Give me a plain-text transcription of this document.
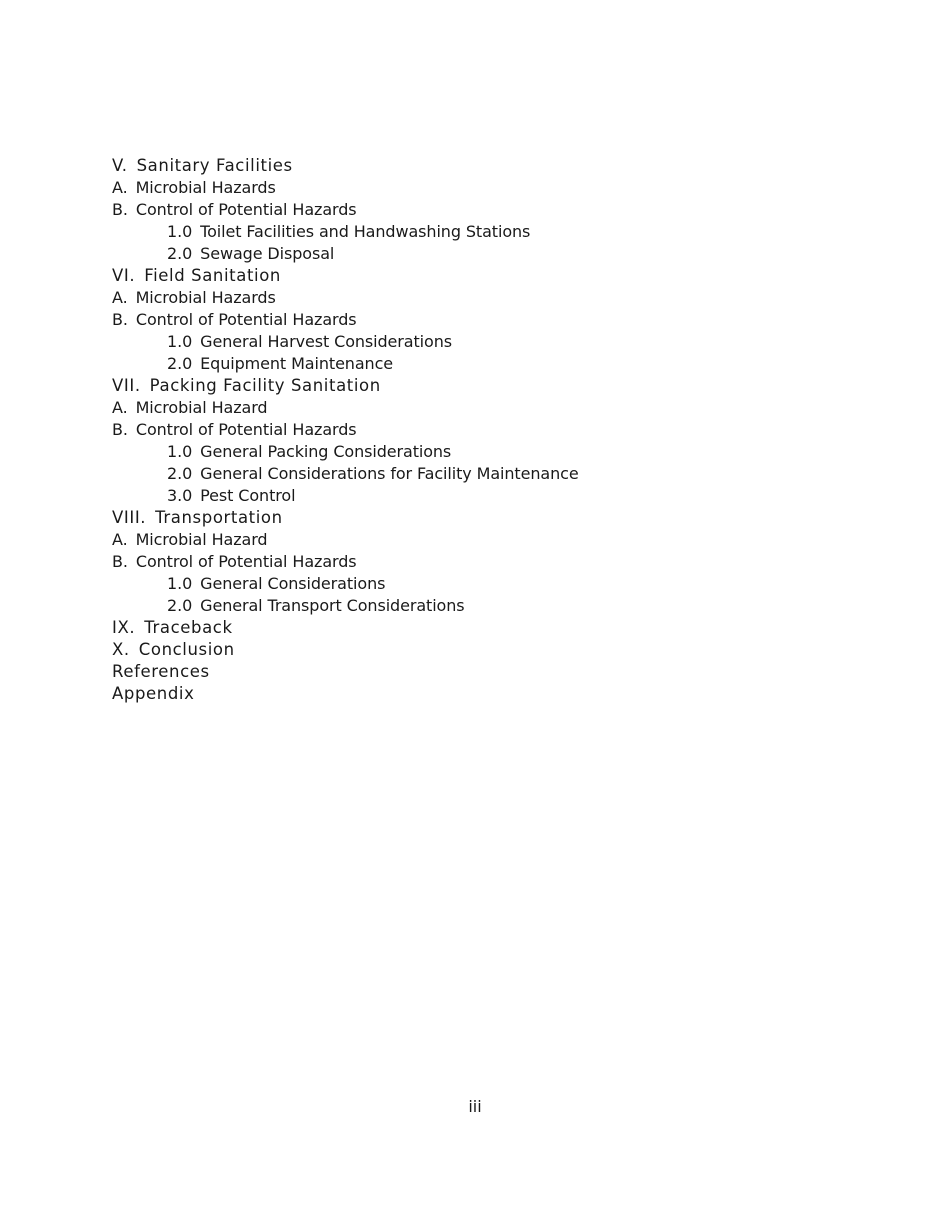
V. Sanitary Facilities
A. Microbial Hazards
B. Control of Potential Hazards
1.0 Toilet Facilities and Handwashing Stations
2.0 Sewage Disposal
VI. Field Sanitation
A. Microbial Hazards
B. Control of Potential Hazards
1.0 General Harvest Considerations
2.0 Equipment Maintenance
VII. Packing Facility Sanitation
A. Microbial Hazard
B. Control of Potential Hazards
1.0 General Packing Considerations
2.0 General Considerations for Facility Maintenance
3.0 Pest Control
VIII. Transportation
A. Microbial Hazard
B. Control of Potential Hazards
1.0 General Considerations
2.0 General Transport Considerations
IX. Traceback
X. Conclusion
References
Appendix
iii
